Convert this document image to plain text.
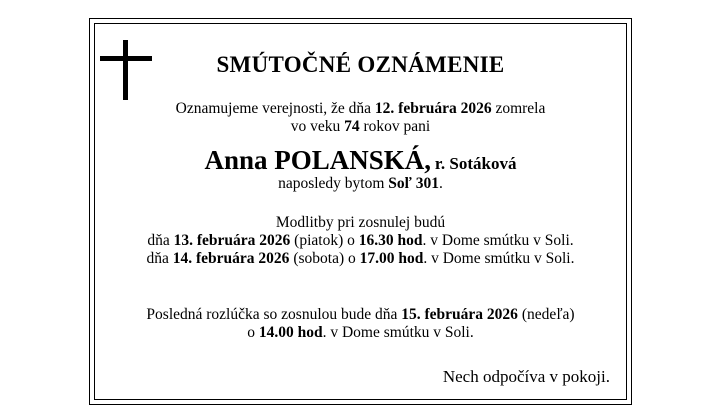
SMÚTOČNÉ OZNÁMENIE
Oznamujeme verejnosti, že dňa 12. februára 2026 zomrela
vo veku 74 rokov pani
Anna POLANSKÁ, r. Sotáková
naposledy bytom Soľ 301.
Modlitby pri zosnulej budú
dňa 13. februára 2026 (piatok) o 16.30 hod. v Dome smútku v Soli.
dňa 14. februára 2026 (sobota) o 17.00 hod. v Dome smútku v Soli.
Posledná rozlúčka so zosnulou bude dňa 15. februára 2026 (nedeľa)
o 14.00 hod. v Dome smútku v Soli.
Nech odpočíva v pokoji.
